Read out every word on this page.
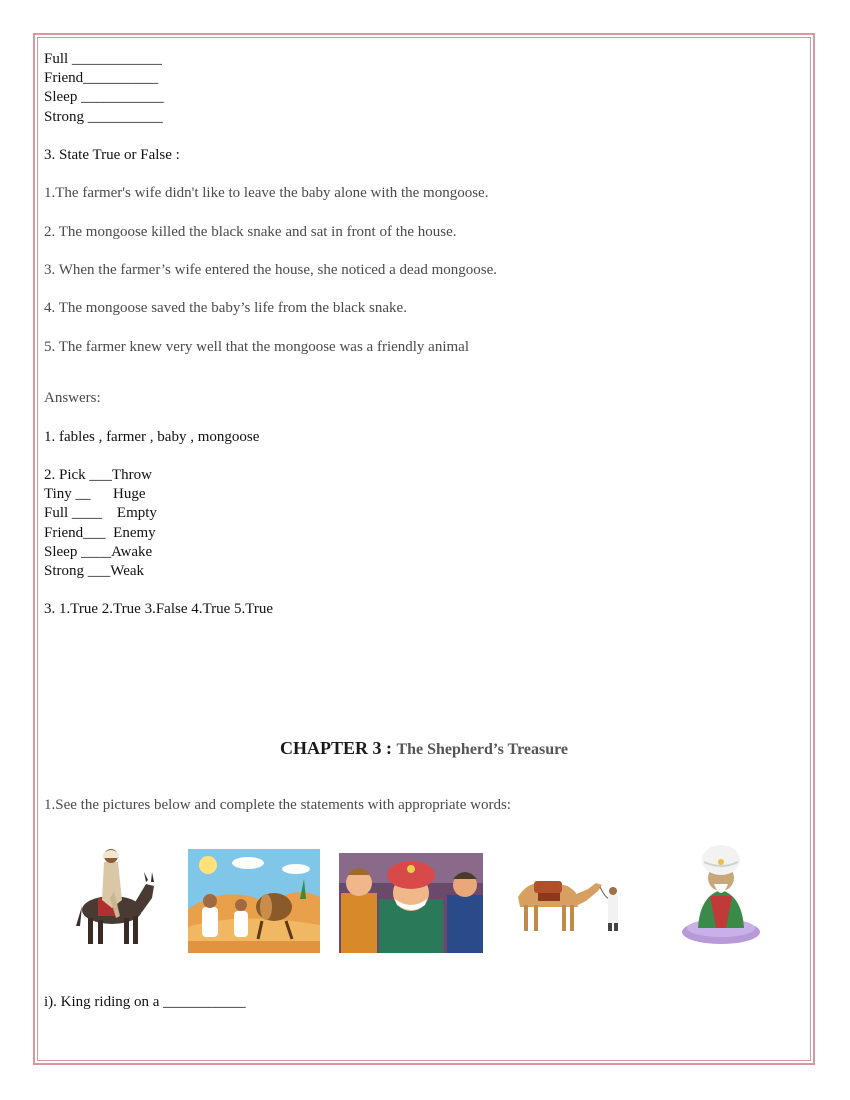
Full ____________
Friend__________
Sleep ___________
Strong __________
3. State True or False :
1.The farmer's wife didn't like to leave the baby alone with the mongoose.
2. The mongoose killed the black snake and sat in front of the house.
3. When the farmer’s wife entered the house, she noticed a dead mongoose.
4. The mongoose saved the baby’s life from the black snake.
5. The farmer knew very well that the mongoose was a friendly animal
Answers:
1. fables , farmer , baby , mongoose
2. Pick ___Throw
Tiny __      Huge
Full ____    Empty
Friend___  Enemy
Sleep ____Awake
Strong ___Weak
3. 1.True 2.True 3.False 4.True 5.True
CHAPTER 3 : The Shepherd’s Treasure
1.See the pictures below and complete the statements with appropriate words:
i). King riding on a ___________
